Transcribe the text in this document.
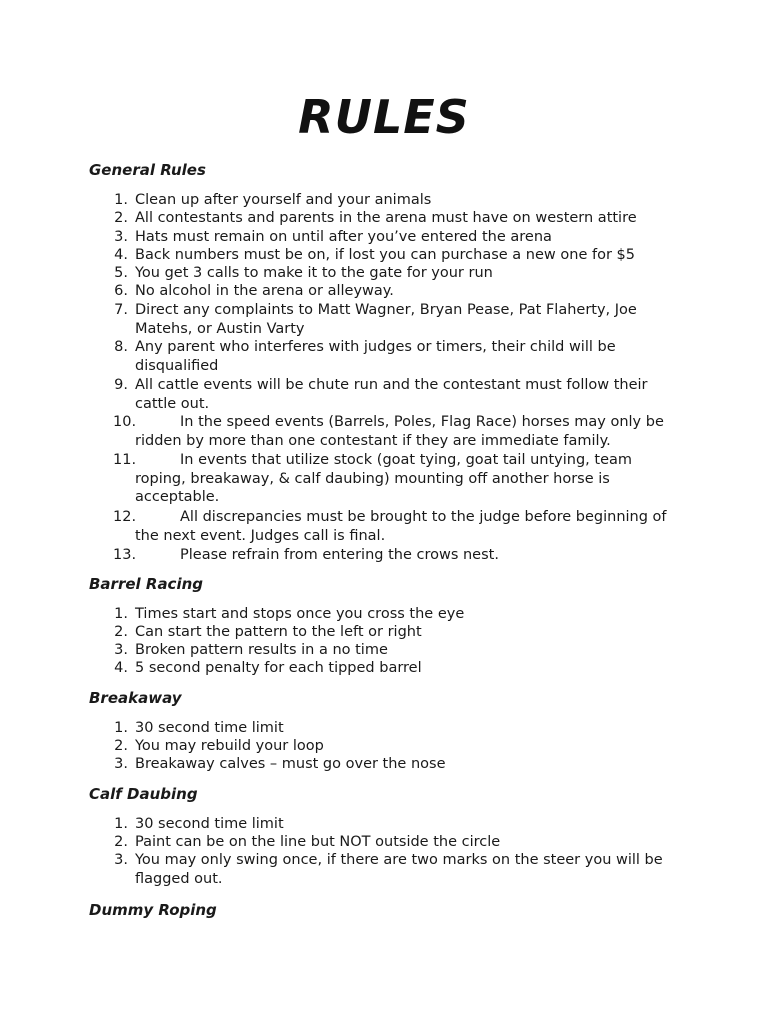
RULES
General Rules
1. Clean up after yourself and your animals
2. All contestants and parents in the arena must have on western attire
3. Hats must remain on until after you’ve entered the arena
4. Back numbers must be on, if lost you can purchase a new one for $5
5. You get 3 calls to make it to the gate for your run
6. No alcohol in the arena or alleyway.
7. Direct any complaints to Matt Wagner, Bryan Pease, Pat Flaherty, Joe Matehs, or Austin Varty
8. Any parent who interferes with judges or timers, their child will be disqualified
9. All cattle events will be chute run and the contestant must follow their cattle out.
10.	In the speed events (Barrels, Poles, Flag Race) horses may only be ridden by more than one contestant if they are immediate family.
11.	In events that utilize stock (goat tying, goat tail untying, team roping, breakaway, & calf daubing) mounting off another horse is acceptable.
12.	All discrepancies must be brought to the judge before beginning of the next event. Judges call is final.
13.	Please refrain from entering the crows nest.
Barrel Racing
1. Times start and stops once you cross the eye
2. Can start the pattern to the left or right
3. Broken pattern results in a no time
4. 5 second penalty for each tipped barrel
Breakaway
1. 30 second time limit
2. You may rebuild your loop
3. Breakaway calves – must go over the nose
Calf Daubing
1. 30 second time limit
2. Paint can be on the line but NOT outside the circle
3. You may only swing once, if there are two marks on the steer you will be flagged out.
Dummy Roping
